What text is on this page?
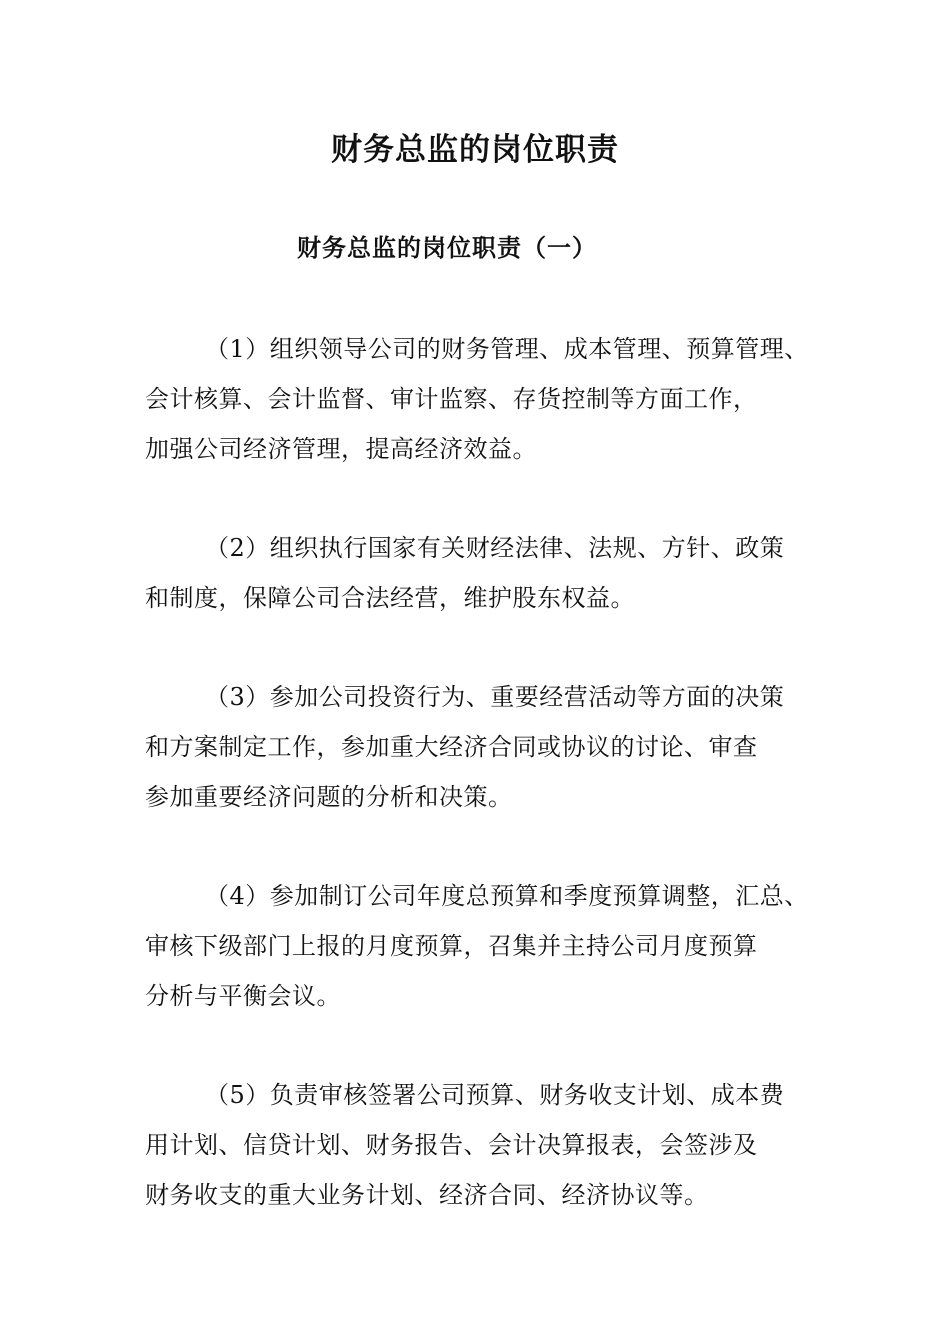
财务总监的岗位职责
财务总监的岗位职责（一）
（1）组织领导公司的财务管理、成本管理、预算管理、
会计核算、会计监督、审计监察、存货控制等方面工作，
加强公司经济管理，提高经济效益。
（2）组织执行国家有关财经法律、法规、方针、政策
和制度，保障公司合法经营，维护股东权益。
（3）参加公司投资行为、重要经营活动等方面的决策
和方案制定工作，参加重大经济合同或协议的讨论、审查
参加重要经济问题的分析和决策。
（4）参加制订公司年度总预算和季度预算调整，汇总、
审核下级部门上报的月度预算，召集并主持公司月度预算
分析与平衡会议。
（5）负责审核签署公司预算、财务收支计划、成本费
用计划、信贷计划、财务报告、会计决算报表，会签涉及
财务收支的重大业务计划、经济合同、经济协议等。
